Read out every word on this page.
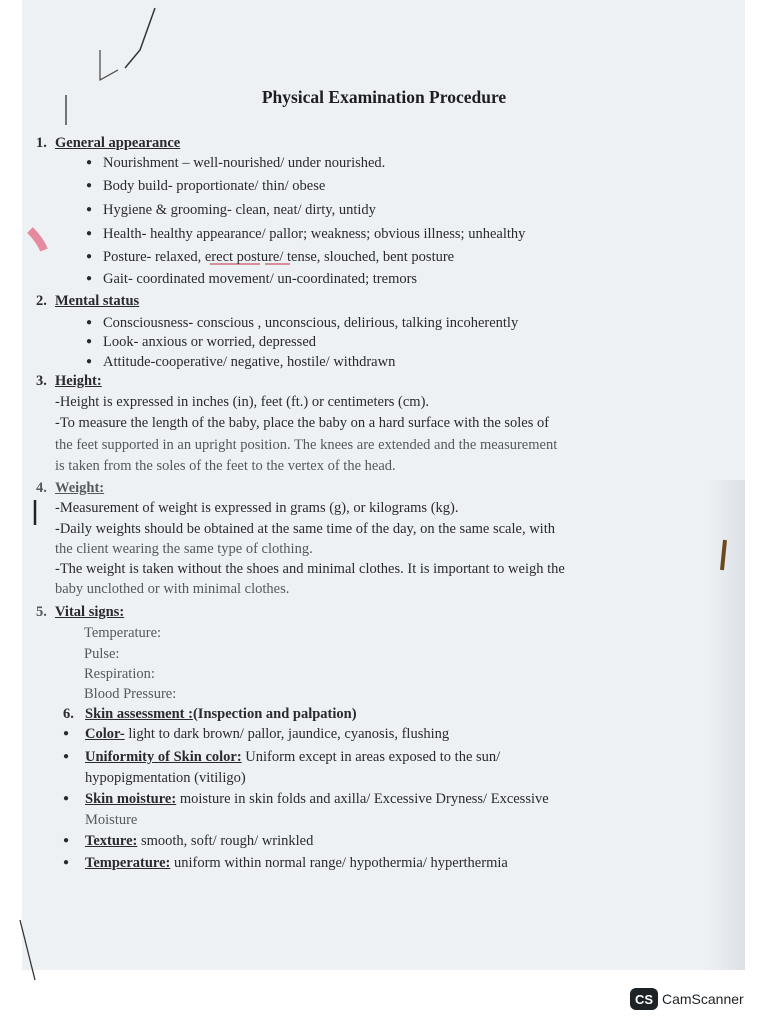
Physical Examination Procedure
1. General appearance
● Nourishment – well-nourished/ under nourished.
● Body build- proportionate/ thin/ obese
● Hygiene & grooming- clean, neat/ dirty, untidy
● Health- healthy appearance/ pallor; weakness; obvious illness; unhealthy
● Posture- relaxed, erect posture/ tense, slouched, bent posture
● Gait- coordinated movement/ un-coordinated; tremors
2. Mental status
● Consciousness- conscious , unconscious, delirious, talking incoherently
● Look- anxious or worried, depressed
● Attitude-cooperative/ negative, hostile/ withdrawn
3. Height:
-Height is expressed in inches (in), feet (ft.) or centimeters (cm).
-To measure the length of the baby, place the baby on a hard surface with the soles of
the feet supported in an upright position. The knees are extended and the measurement
is taken from the soles of the feet to the vertex of the head.
4. Weight:
-Measurement of weight is expressed in grams (g), or kilograms (kg).
-Daily weights should be obtained at the same time of the day, on the same scale, with
the client wearing the same type of clothing.
-The weight is taken without the shoes and minimal clothes. It is important to weigh the
baby unclothed or with minimal clothes.
5. Vital signs:
Temperature:
Pulse:
Respiration:
Blood Pressure:
6. Skin assessment :(Inspection and palpation)
● Color- light to dark brown/ pallor, jaundice, cyanosis, flushing
● Uniformity of Skin color: Uniform except in areas exposed to the sun/
hypopigmentation (vitiligo)
● Skin moisture: moisture in skin folds and axilla/ Excessive Dryness/ Excessive
Moisture
● Texture: smooth, soft/ rough/ wrinkled
● Temperature: uniform within normal range/ hypothermia/ hyperthermia
CS CamScanner
